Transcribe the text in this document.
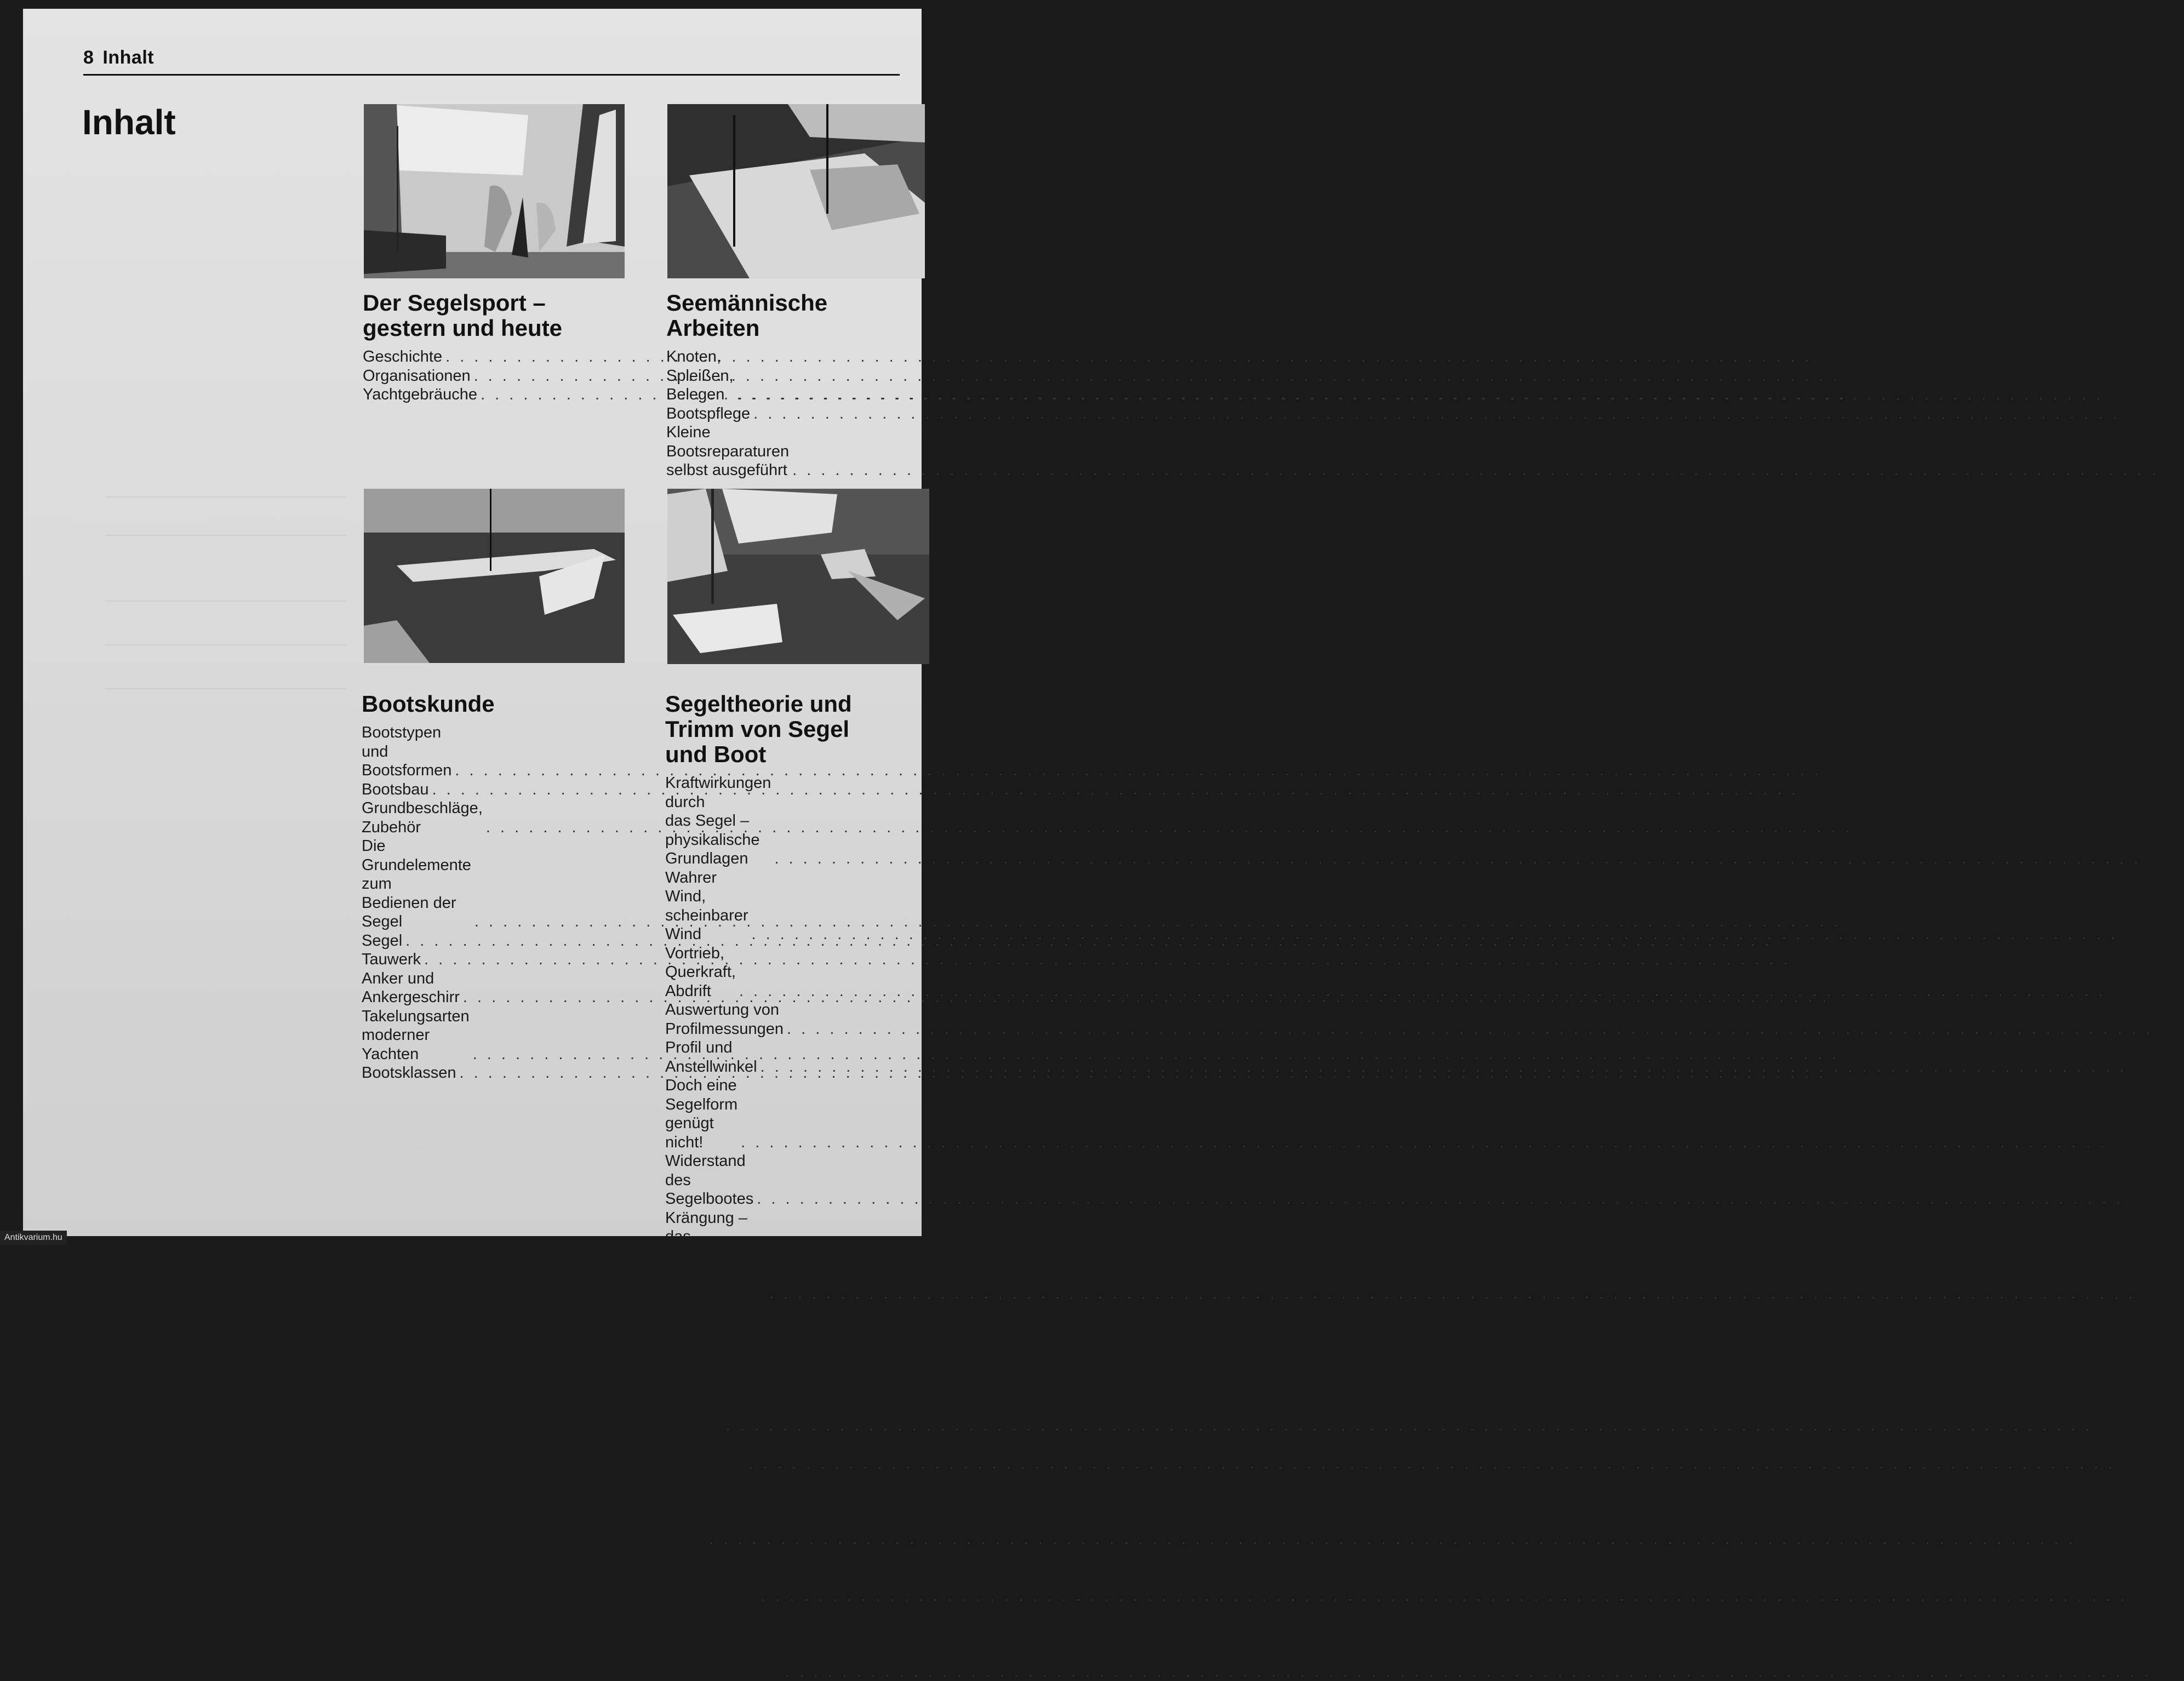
8 Inhalt
Inhalt
Der Segelsport –
gestern und heute
Geschichte . . .	12
Organisationen . . .	24
Yachtgebräuche . . .	26
Seemännische
Arbeiten
Knoten, Spleißen, Belegen . . .	76
Bootspflege . . .	78
Kleine Bootsreparaturen
selbst ausgeführt . . .	83
Bootskunde
Bootstypen und Bootsformen . . .	30
Bootsbau . . .	32
Grundbeschläge, Zubehör . . .	37
Die Grundelemente zum
Bedienen der Segel . . .	39
Segel . . .	47
Tauwerk . . .	61
Anker und Ankergeschirr . . .	64
Takelungsarten moderner
Yachten . . .	65
Bootsklassen . . .	66
Segeltheorie und
Trimm von Segel
und Boot
Kraftwirkungen durch
das Segel – physikalische
Grundlagen . . .	88
Wahrer Wind,
scheinbarer Wind . . .	89
Vortrieb, Querkraft, Abdrift . . .	89
Auswertung von
Profilmessungen . . .	90
Profil und Anstellwinkel . . .	91
Doch eine Segelform
genügt nicht! . . .	92
Widerstand des
Segelbootes . . .	92
Krängung – das Gleichgewicht
der Drehmomente . . .	95
Profil von Schwert bzw.
Kiel und Ruder . . .	96
Mittel zum Segeltrimm . . .	96
Der Blick fürs Segel . . .	98
Bewegungen – erwünscht
oder nicht? . . .	99
Segeltechnische Vorbereitung
des Regattaseglers . . .	99
Antikvarium.hu
